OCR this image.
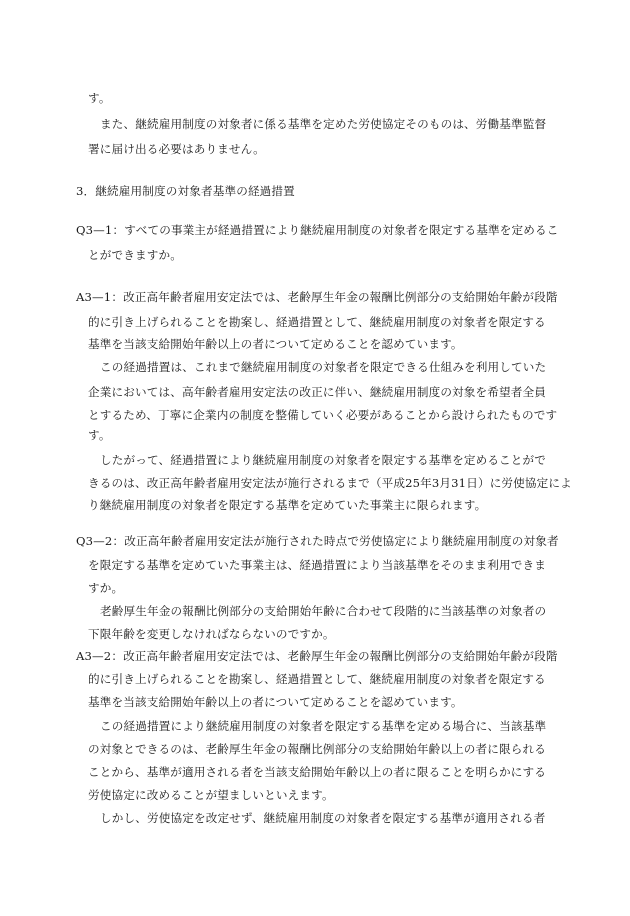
す。
また、継続雇用制度の対象者に係る基準を定めた労使協定そのものは、労働基準監督
署に届け出る必要はありません。
3．継続雇用制度の対象者基準の経過措置
Q3—1：すべての事業主が経過措置により継続雇用制度の対象者を限定する基準を定めるこ
とができますか。
A3—1：改正高年齢者雇用安定法では、老齢厚生年金の報酬比例部分の支給開始年齢が段階
的に引き上げられることを勘案し、経過措置として、継続雇用制度の対象者を限定する
基準を当該支給開始年齢以上の者について定めることを認めています。
この経過措置は、これまで継続雇用制度の対象者を限定できる仕組みを利用していた
企業においては、高年齢者雇用安定法の改正に伴い、継続雇用制度の対象を希望者全員
とするため、丁寧に企業内の制度を整備していく必要があることから設けられたものです
す。
したがって、経過措置により継続雇用制度の対象者を限定する基準を定めることがで
きるのは、改正高年齢者雇用安定法が施行されるまで（平成25年3月31日）に労使協定によ
り継続雇用制度の対象者を限定する基準を定めていた事業主に限られます。
Q3—2：改正高年齢者雇用安定法が施行された時点で労使協定により継続雇用制度の対象者
を限定する基準を定めていた事業主は、経過措置により当該基準をそのまま利用できま
すか。
老齢厚生年金の報酬比例部分の支給開始年齢に合わせて段階的に当該基準の対象者の
下限年齢を変更しなければならないのですか。
A3—2：改正高年齢者雇用安定法では、老齢厚生年金の報酬比例部分の支給開始年齢が段階
的に引き上げられることを勘案し、経過措置として、継続雇用制度の対象者を限定する
基準を当該支給開始年齢以上の者について定めることを認めています。
この経過措置により継続雇用制度の対象者を限定する基準を定める場合に、当該基準
の対象とできるのは、老齢厚生年金の報酬比例部分の支給開始年齢以上の者に限られる
ことから、基準が適用される者を当該支給開始年齢以上の者に限ることを明らかにする
労使協定に改めることが望ましいといえます。
しかし、労使協定を改定せず、継続雇用制度の対象者を限定する基準が適用される者
